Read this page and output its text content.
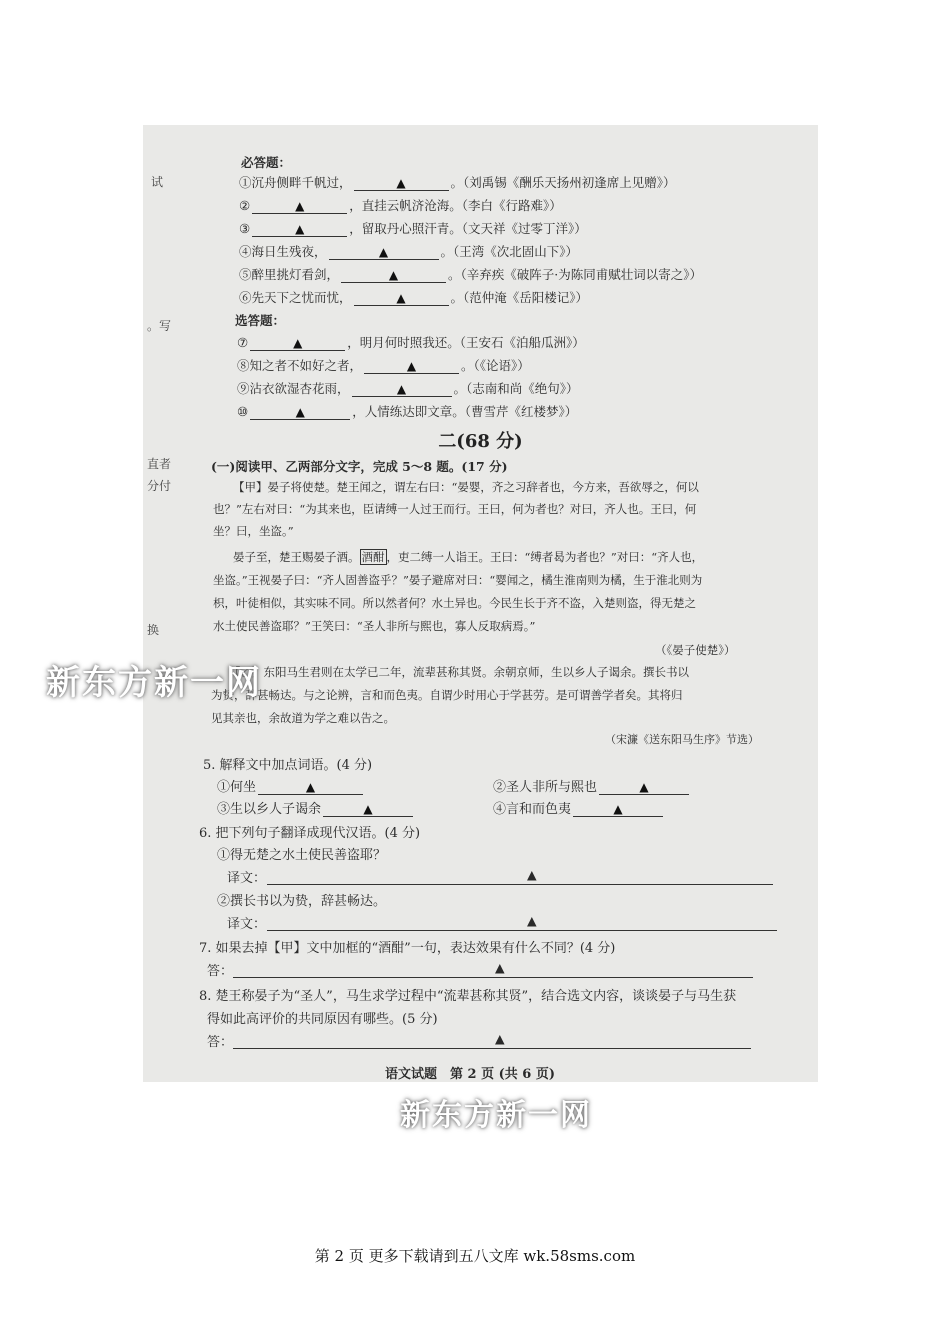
试
。写
直者
分付
换
必答题：
①沉舟侧畔千帆过，	▲	。（刘禹锡《酬乐天扬州初逢席上见赠》）
②	▲	，直挂云帆济沧海。（李白《行路难》）
③	▲	，留取丹心照汗青。（文天祥《过零丁洋》）
④海日生残夜，	▲	。（王湾《次北固山下》）
⑤醉里挑灯看剑，	▲	。（辛弃疾《破阵子·为陈同甫赋壮词以寄之》）
⑥先天下之忧而忧，	▲	。（范仲淹《岳阳楼记》）
选答题：
⑦	▲	，明月何时照我还。（王安石《泊船瓜洲》）
⑧知之者不如好之者，	▲	。（《论语》）
⑨沾衣欲湿杏花雨，	▲	。（志南和尚《绝句》）
⑩	▲	，人情练达即文章。（曹雪芹《红楼梦》）
二(68 分)
(一)阅读甲、乙两部分文字，完成 5～8 题。(17 分)
【甲】晏子将使楚。楚王闻之，谓左右曰：“晏婴，齐之习辞者也，今方来，吾欲辱之，何以
也？”左右对曰：“为其来也，臣请缚一人过王而行。王曰，何为者也？对曰，齐人也。王曰，何
坐？曰，坐盗。”
晏子至，楚王赐晏子酒。 酒酣 ，吏二缚一人诣王。王曰：“缚者曷为者也？”对曰：“齐人也，
坐盗。”王视晏子曰：“齐人固善盗乎？”晏子避席对曰：“婴闻之，橘生淮南则为橘，生于淮北则为
枳，叶徒相似，其实味不同。所以然者何？水土异也。今民生长于齐不盗，入楚则盗，得无楚之
水土使民善盗耶？”王笑曰：“圣人非所与熙也，寡人反取病焉。”
（《晏子使楚》）
【乙】东阳马生君则在太学已二年，流辈甚称其贤。余朝京师，生以乡人子谒余。撰长书以
为贽，辞甚畅达。与之论辨，言和而色夷。自谓少时用心于学甚劳。是可谓善学者矣。其将归
见其亲也，余故道为学之难以告之。
（宋濂《送东阳马生序》节选）
5. 解释文中加点词语。(4 分)
①何坐	▲	②圣人非所与熙也	▲
③生以乡人子谒余	▲	④言和而色夷	▲
6. 把下列句子翻译成现代汉语。(4 分)
①得无楚之水土使民善盗耶？
译文：	▲
②撰长书以为贽，辞甚畅达。
译文：	▲
7. 如果去掉【甲】文中加框的“酒酣”一句，表达效果有什么不同？(4 分)
答：	▲
8. 楚王称晏子为“圣人”，马生求学过程中“流辈甚称其贤”，结合选文内容，谈谈晏子与马生获
得如此高评价的共同原因有哪些。(5 分)
答：	▲
语文试题　第 2 页 (共 6 页)
新东方新一网
新东方新一网
第 2 页 更多下载请到五八文库 wk.58sms.com
